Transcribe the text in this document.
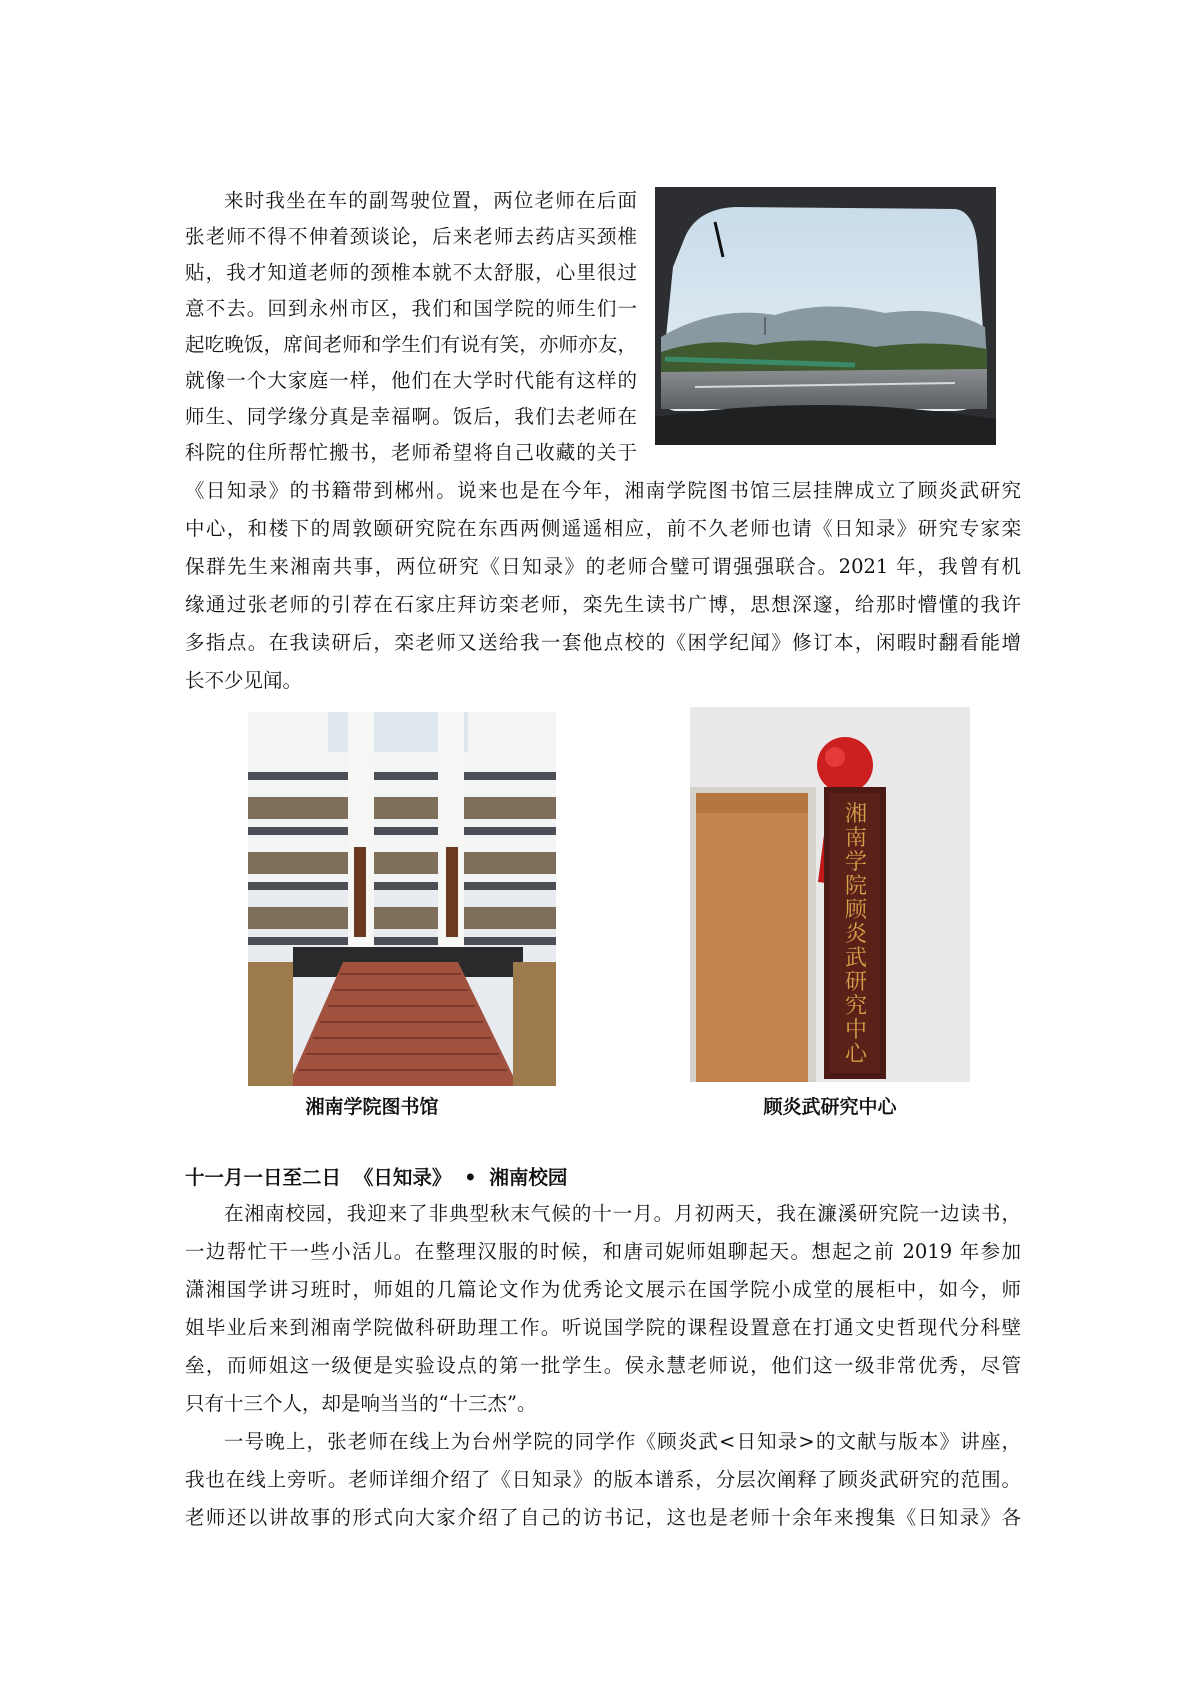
来时我坐在车的副驾驶位置，两位老师在后面
张老师不得不伸着颈谈论，后来老师去药店买颈椎
贴，我才知道老师的颈椎本就不太舒服，心里很过
意不去。回到永州市区，我们和国学院的师生们一
起吃晚饭，席间老师和学生们有说有笑，亦师亦友，
就像一个大家庭一样，他们在大学时代能有这样的
师生、同学缘分真是幸福啊。饭后，我们去老师在
科院的住所帮忙搬书，老师希望将自己收藏的关于
《日知录》的书籍带到郴州。说来也是在今年，湘南学院图书馆三层挂牌成立了顾炎武研究
中心，和楼下的周敦颐研究院在东西两侧遥遥相应，前不久老师也请《日知录》研究专家栾
保群先生来湘南共事，两位研究《日知录》的老师合璧可谓强强联合。2021 年，我曾有机
缘通过张老师的引荐在石家庄拜访栾老师，栾先生读书广博，思想深邃，给那时懵懂的我许
多指点。在我读研后，栾老师又送给我一套他点校的《困学纪闻》修订本，闲暇时翻看能增
长不少见闻。
湘南学院顾炎武研究中心
湘南学院图书馆	顾炎武研究中心
十一月一日至二日 《日知录》 • 湘南校园
在湘南校园，我迎来了非典型秋末气候的十一月。月初两天，我在濂溪研究院一边读书，
一边帮忙干一些小活儿。在整理汉服的时候，和唐司妮师姐聊起天。想起之前 2019 年参加
潇湘国学讲习班时，师姐的几篇论文作为优秀论文展示在国学院小成堂的展柜中，如今，师
姐毕业后来到湘南学院做科研助理工作。听说国学院的课程设置意在打通文史哲现代分科壁
垒，而师姐这一级便是实验设点的第一批学生。侯永慧老师说，他们这一级非常优秀，尽管
只有十三个人，却是响当当的“十三杰”。
一号晚上，张老师在线上为台州学院的同学作《顾炎武<日知录>的文献与版本》讲座，
我也在线上旁听。老师详细介绍了《日知录》的版本谱系，分层次阐释了顾炎武研究的范围。
老师还以讲故事的形式向大家介绍了自己的访书记，这也是老师十余年来搜集《日知录》各
